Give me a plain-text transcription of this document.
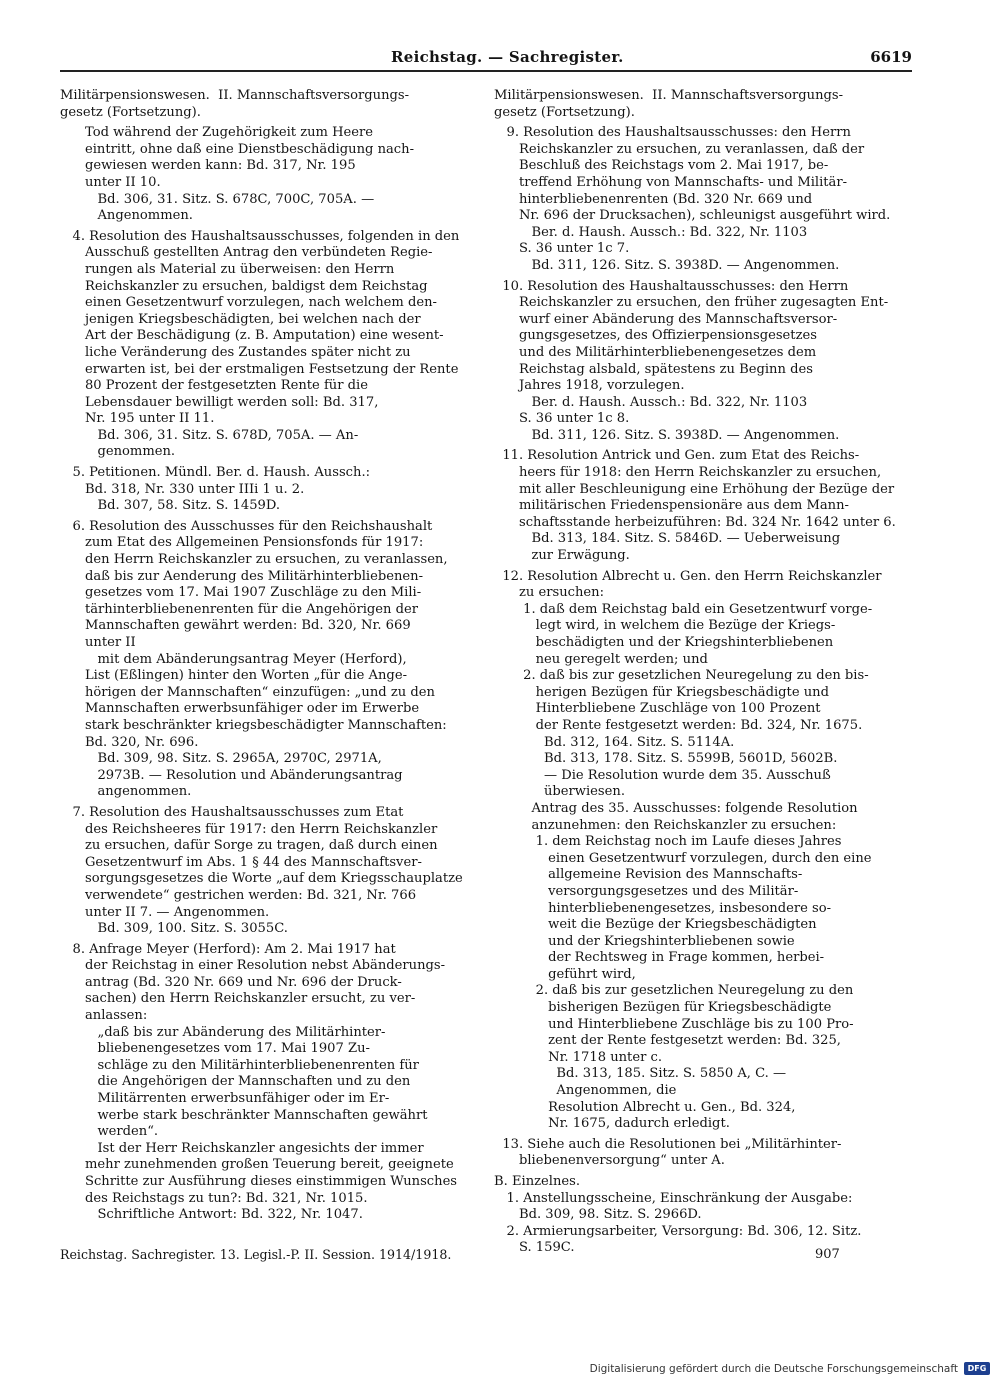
Reichstag. — Sachregister.	6619

Militärpensionswesen.  II. Mannschaftsversorgungs-
gesetz (Fortsetzung).

Tod während der Zugehörigkeit zum Heere
eintritt, ohne daß eine Dienstbeschädigung nach-
gewiesen werden kann: Bd. 317, Nr. 195
unter II 10.
Bd. 306, 31. Sitz. S. 678C, 700C, 705A. —
Angenommen.

4. Resolution des Haushaltsausschusses, folgenden in den
Ausschuß gestellten Antrag den verbündeten Regie-
rungen als Material zu überweisen: den Herrn
Reichskanzler zu ersuchen, baldigst dem Reichstag
einen Gesetzentwurf vorzulegen, nach welchem den-
jenigen Kriegsbeschädigten, bei welchen nach der
Art der Beschädigung (z. B. Amputation) eine wesent-
liche Veränderung des Zustandes später nicht zu
erwarten ist, bei der erstmaligen Festsetzung der Rente
80 Prozent der festgesetzten Rente für die
Lebensdauer bewilligt werden soll: Bd. 317,
Nr. 195 unter II 11.
Bd. 306, 31. Sitz. S. 678D, 705A. — An-
genommen.

5. Petitionen. Mündl. Ber. d. Haush. Aussch.:
Bd. 318, Nr. 330 unter IIIi 1 u. 2.
Bd. 307, 58. Sitz. S. 1459D.

6. Resolution des Ausschusses für den Reichshaushalt
zum Etat des Allgemeinen Pensionsfonds für 1917:
den Herrn Reichskanzler zu ersuchen, zu veranlassen,
daß bis zur Aenderung des Militärhinterbliebenen-
gesetzes vom 17. Mai 1907 Zuschläge zu den Mili-
tärhinterbliebenenrenten für die Angehörigen der
Mannschaften gewährt werden: Bd. 320, Nr. 669
unter II
mit dem Abänderungsantrag Meyer (Herford),
List (Eßlingen) hinter den Worten „für die Ange-
hörigen der Mannschaften“ einzufügen: „und zu den
Mannschaften erwerbsunfähiger oder im Erwerbe
stark beschränkter kriegsbeschädigter Mannschaften:
Bd. 320, Nr. 696.
Bd. 309, 98. Sitz. S. 2965A, 2970C, 2971A,
2973B. — Resolution und Abänderungsantrag
angenommen.

7. Resolution des Haushaltsausschusses zum Etat
des Reichsheeres für 1917: den Herrn Reichskanzler
zu ersuchen, dafür Sorge zu tragen, daß durch einen
Gesetzentwurf im Abs. 1 § 44 des Mannschaftsver-
sorgungsgesetzes die Worte „auf dem Kriegsschauplatze
verwendete“ gestrichen werden: Bd. 321, Nr. 766
unter II 7. — Angenommen.
Bd. 309, 100. Sitz. S. 3055C.

8. Anfrage Meyer (Herford): Am 2. Mai 1917 hat
der Reichstag in einer Resolution nebst Abänderungs-
antrag (Bd. 320 Nr. 669 und Nr. 696 der Druck-
sachen) den Herrn Reichskanzler ersucht, zu ver-
anlassen:
„daß bis zur Abänderung des Militärhinter-
bliebenengesetzes vom 17. Mai 1907 Zu-
schläge zu den Militärhinterbliebenenrenten für
die Angehörigen der Mannschaften und zu den
Militärrenten erwerbsunfähiger oder im Er-
werbe stark beschränkter Mannschaften gewährt
werden“.
Ist der Herr Reichskanzler angesichts der immer
mehr zunehmenden großen Teuerung bereit, geeignete
Schritte zur Ausführung dieses einstimmigen Wunsches
des Reichstags zu tun?: Bd. 321, Nr. 1015.
Schriftliche Antwort: Bd. 322, Nr. 1047.

Militärpensionswesen.  II. Mannschaftsversorgungs-
gesetz (Fortsetzung).

9. Resolution des Haushaltsausschusses: den Herrn
Reichskanzler zu ersuchen, zu veranlassen, daß der
Beschluß des Reichstags vom 2. Mai 1917, be-
treffend Erhöhung von Mannschafts- und Militär-
hinterbliebenenrenten (Bd. 320 Nr. 669 und
Nr. 696 der Drucksachen), schleunigst ausgeführt wird.
Ber. d. Haush. Aussch.: Bd. 322, Nr. 1103
S. 36 unter 1c 7.
Bd. 311, 126. Sitz. S. 3938D. — Angenommen.

10. Resolution des Haushaltausschusses: den Herrn
Reichskanzler zu ersuchen, den früher zugesagten Ent-
wurf einer Abänderung des Mannschaftsversor-
gungsgesetzes, des Offizierpensionsgesetzes
und des Militärhinterbliebenengesetzes dem
Reichstag alsbald, spätestens zu Beginn des
Jahres 1918, vorzulegen.
Ber. d. Haush. Aussch.: Bd. 322, Nr. 1103
S. 36 unter 1c 8.
Bd. 311, 126. Sitz. S. 3938D. — Angenommen.

11. Resolution Antrick und Gen. zum Etat des Reichs-
heers für 1918: den Herrn Reichskanzler zu ersuchen,
mit aller Beschleunigung eine Erhöhung der Bezüge der
militärischen Friedenspensionäre aus dem Mann-
schaftsstande herbeizuführen: Bd. 324 Nr. 1642 unter 6.
Bd. 313, 184. Sitz. S. 5846D. — Ueberweisung
zur Erwägung.

12. Resolution Albrecht u. Gen. den Herrn Reichskanzler
zu ersuchen:
1. daß dem Reichstag bald ein Gesetzentwurf vorge-
legt wird, in welchem die Bezüge der Kriegs-
beschädigten und der Kriegshinterbliebenen
neu geregelt werden; und
2. daß bis zur gesetzlichen Neuregelung zu den bis-
herigen Bezügen für Kriegsbeschädigte und
Hinterbliebene Zuschläge von 100 Prozent
der Rente festgesetzt werden: Bd. 324, Nr. 1675.
Bd. 312, 164. Sitz. S. 5114A.
Bd. 313, 178. Sitz. S. 5599B, 5601D, 5602B.
— Die Resolution wurde dem 35. Ausschuß
überwiesen.
Antrag des 35. Ausschusses: folgende Resolution
anzunehmen: den Reichskanzler zu ersuchen:
1. dem Reichstag noch im Laufe dieses Jahres
einen Gesetzentwurf vorzulegen, durch den eine
allgemeine Revision des Mannschafts-
versorgungsgesetzes und des Militär-
hinterbliebenengesetzes, insbesondere so-
weit die Bezüge der Kriegsbeschädigten
und der Kriegshinterbliebenen sowie
der Rechtsweg in Frage kommen, herbei-
geführt wird,
2. daß bis zur gesetzlichen Neuregelung zu den
bisherigen Bezügen für Kriegsbeschädigte
und Hinterbliebene Zuschläge bis zu 100 Pro-
zent der Rente festgesetzt werden: Bd. 325,
Nr. 1718 unter c.
Bd. 313, 185. Sitz. S. 5850 A, C. —
Angenommen, die
Resolution Albrecht u. Gen., Bd. 324,
Nr. 1675, dadurch erledigt.

13. Siehe auch die Resolutionen bei „Militärhinter-
bliebenenversorgung“ unter A.

B. Einzelnes.
1. Anstellungsscheine, Einschränkung der Ausgabe:
Bd. 309, 98. Sitz. S. 2966D.
2. Armierungsarbeiter, Versorgung: Bd. 306, 12. Sitz.
S. 159C.

Reichstag. Sachregister. 13. Legisl.-P. II. Session. 1914/1918.	907
Digitalisierung gefördert durch die Deutsche Forschungsgemeinschaft	DFG
